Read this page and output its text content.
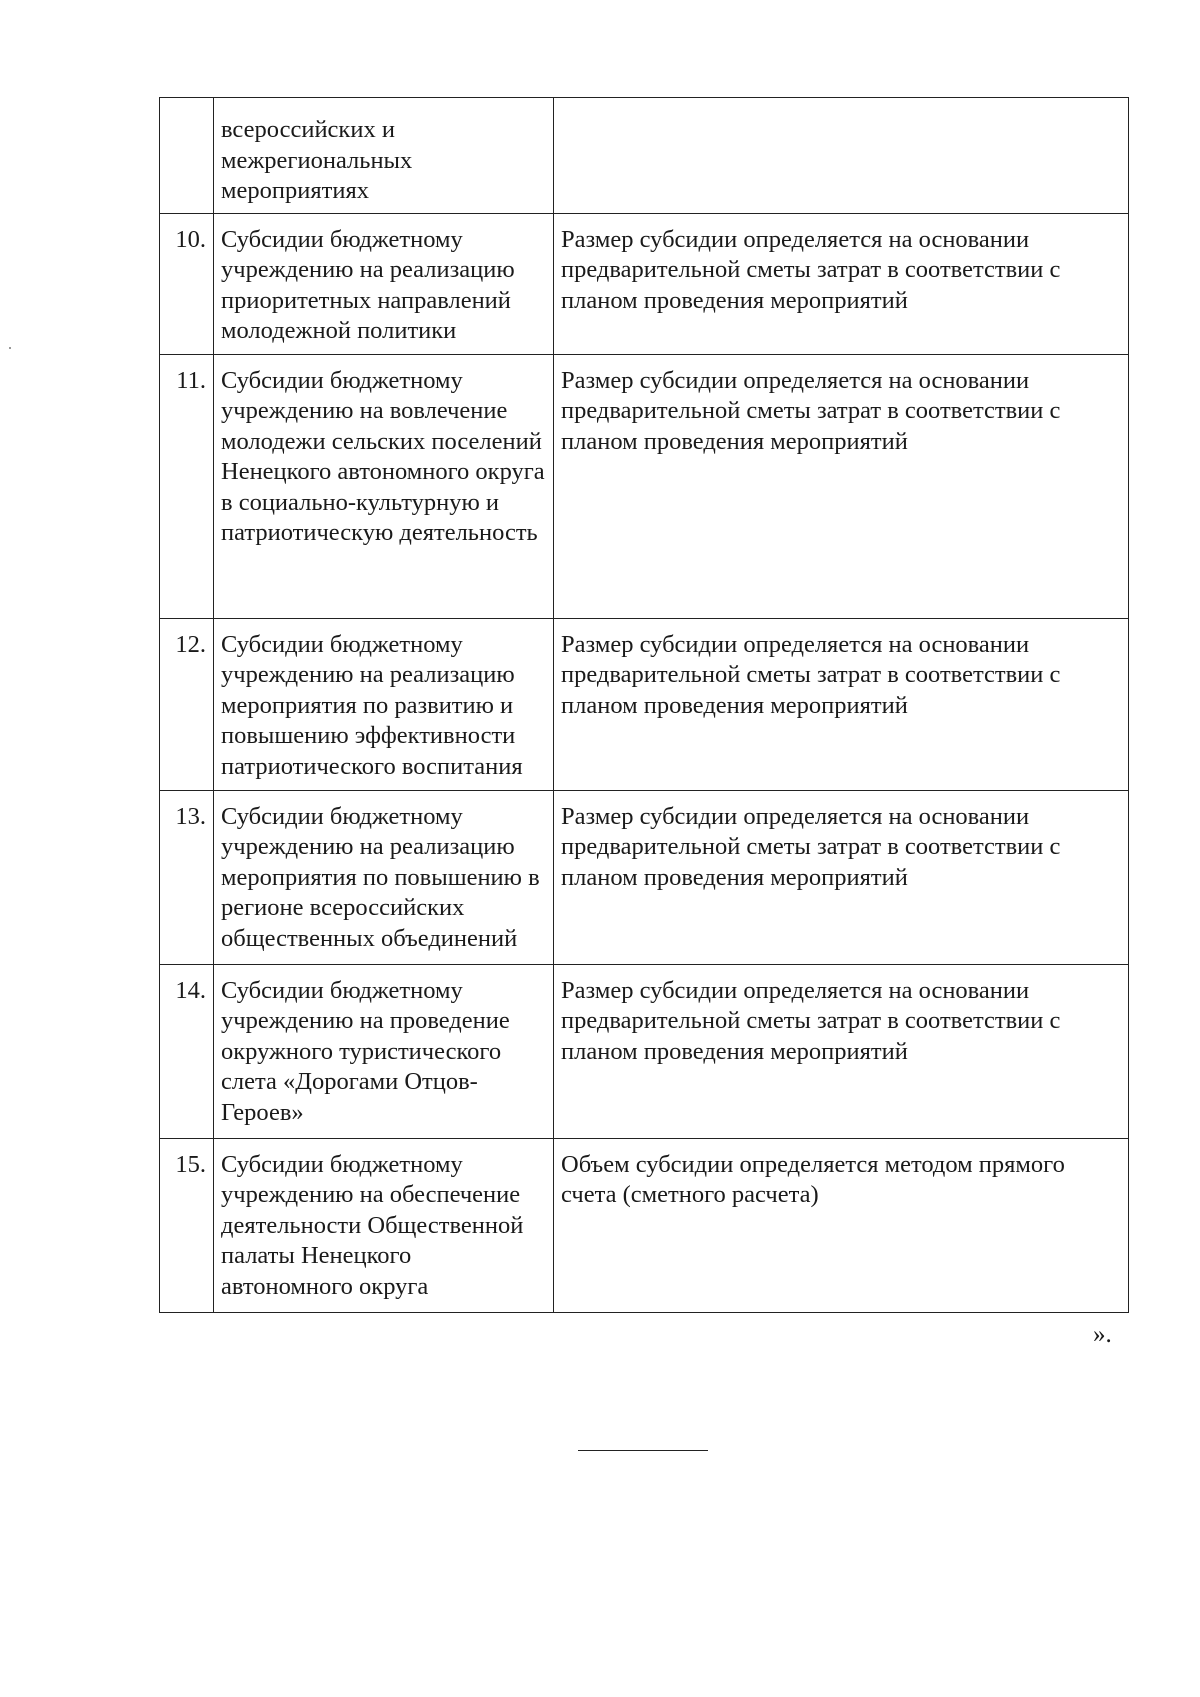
	всероссийских и межрегиональных мероприятиях	
10.	Субсидии бюджетному учреждению на реализацию приоритетных направлений молодежной политики	Размер субсидии определяется на основании предварительной сметы затрат в соответствии с планом проведения мероприятий
11.	Субсидии бюджетному учреждению на вовлечение молодежи сельских поселений Ненецкого автономного округа в социально-культурную и патриотическую деятельность	Размер субсидии определяется на основании предварительной сметы затрат в соответствии с планом проведения мероприятий
12.	Субсидии бюджетному учреждению на реализацию мероприятия по развитию и повышению эффективности патриотического воспитания	Размер субсидии определяется на основании предварительной сметы затрат в соответствии с планом проведения мероприятий
13.	Субсидии бюджетному учреждению на реализацию мероприятия по повышению в регионе всероссийских общественных объединений	Размер субсидии определяется на основании предварительной сметы затрат в соответствии с планом проведения мероприятий
14.	Субсидии бюджетному учреждению на проведение окружного туристического слета «Дорогами Отцов-Героев»	Размер субсидии определяется на основании предварительной сметы затрат в соответствии с планом проведения мероприятий
15.	Субсидии бюджетному учреждению на обеспечение деятельности Общественной палаты Ненецкого автономного округа	Объем субсидии определяется методом прямого счета (сметного расчета)
».
